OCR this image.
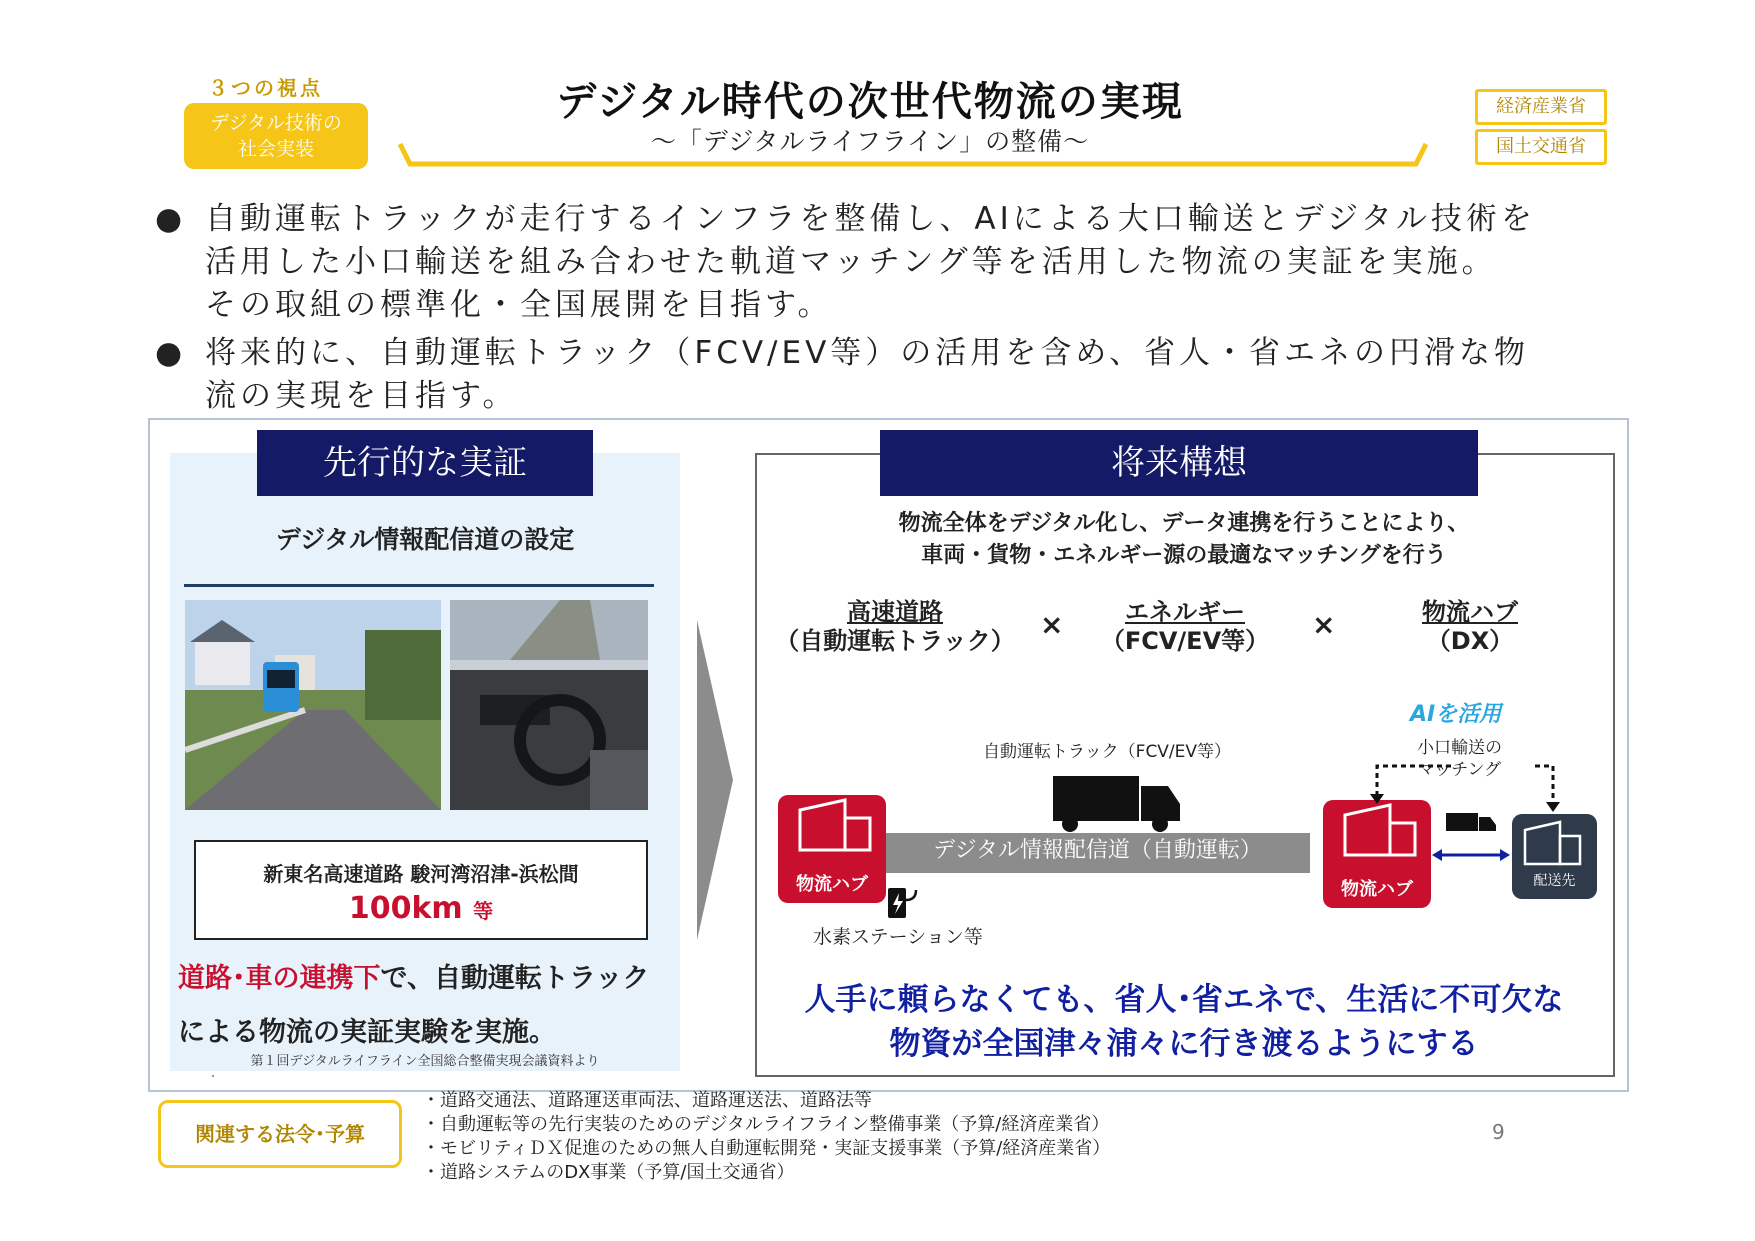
３つの視点
デジタル技術の
社会実装
デジタル時代の次世代物流の実現
～「デジタルライフライン」の整備～
経済産業省
国土交通省
● 自動運転トラックが走行するインフラを整備し、AIによる大口輸送とデジタル技術を
活用した小口輸送を組み合わせた軌道マッチング等を活用した物流の実証を実施。
その取組の標準化・全国展開を目指す。
● 将来的に、自動運転トラック（FCV/EV等）の活用を含め、省人・省エネの円滑な物
流の実現を目指す。
先行的な実証
デジタル情報配信道の設定
新東名高速道路 駿河湾沼津-浜松間
100km 等
道路･車の連携下で、自動運転トラック
による物流の実証実験を実施。
第１回デジタルライフライン全国総合整備実現会議資料より
・
将来構想
物流全体をデジタル化し、データ連携を行うことにより、
車両・貨物・エネルギー源の最適なマッチングを行う
高速道路
（自動運転トラック） ×	エネルギー
（FCV/EV等）	×	物流ハブ
（DX）
AIを活用
小口輸送の
マッチング
自動運転トラック（FCV/EV等）
デジタル情報配信道（自動運転）
物流ハブ	物流ハブ	配送先
水素ステーション等
人手に頼らなくても、省人･省エネで、生活に不可欠な
物資が全国津々浦々に行き渡るようにする
関連する法令･予算
・道路交通法、道路運送車両法、道路運送法、道路法等
・自動運転等の先行実装のためのデジタルライフライン整備事業（予算/経済産業省）
・モビリティＤＸ促進のための無人自動運転開発・実証支援事業（予算/経済産業省）
・道路システムのDX事業（予算/国土交通省）
9
